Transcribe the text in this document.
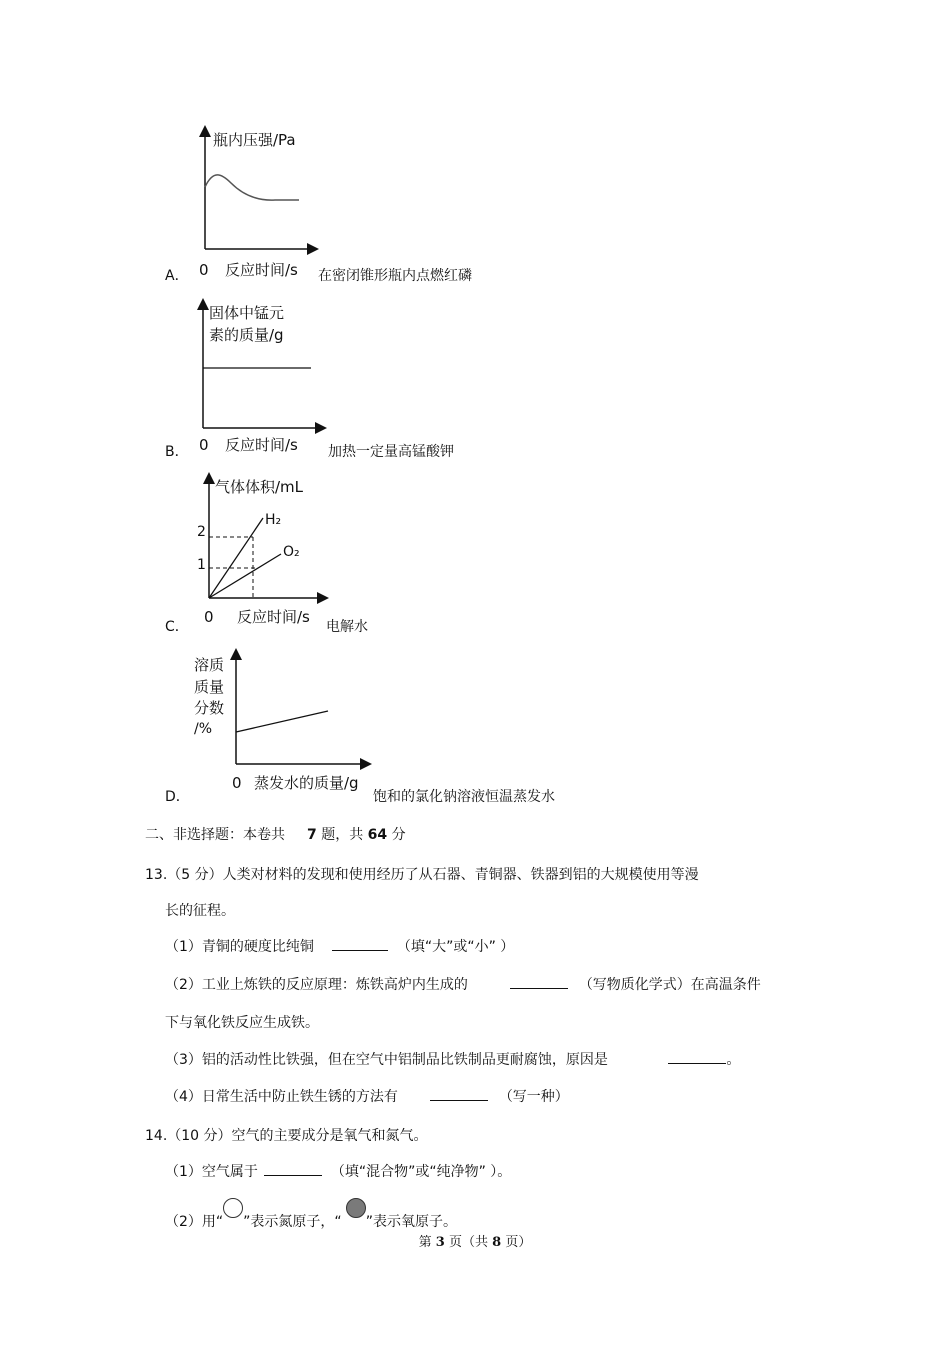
瓶内压强/Pa
0 反应时间/s
A．	在密闭锥形瓶内点燃红磷
固体中锰元
素的质量/g
0 反应时间/s
B．	加热一定量高锰酸钾
气体体积/mL
2
1
H₂
O₂
0 反应时间/s
C．	电解水
溶质
质量
分数
/%
0 蒸发水的质量/g
D．	饱和的氯化钠溶液恒温蒸发水
二、非选择题：本卷共 7 题，共 64 分
13.（5 分）人类对材料的发现和使用经历了从石器、青铜器、铁器到铝的大规模使用等漫
长的征程。
（1）青铜的硬度比纯铜	（填“大”或“小” ）
（2）工业上炼铁的反应原理：炼铁高炉内生成的	（写物质化学式）在高温条件
下与氧化铁反应生成铁。
（3）铝的活动性比铁强，但在空气中铝制品比铁制品更耐腐蚀，原因是	。
（4）日常生活中防止铁生锈的方法有	（写一种）
14.（10 分）空气的主要成分是氧气和氮气。
（1）空气属于	（填“混合物”或“纯净物” ）。
（2）用“ ”表示氮原子，“ ”表示氧原子。
第 3 页（共 8 页）
